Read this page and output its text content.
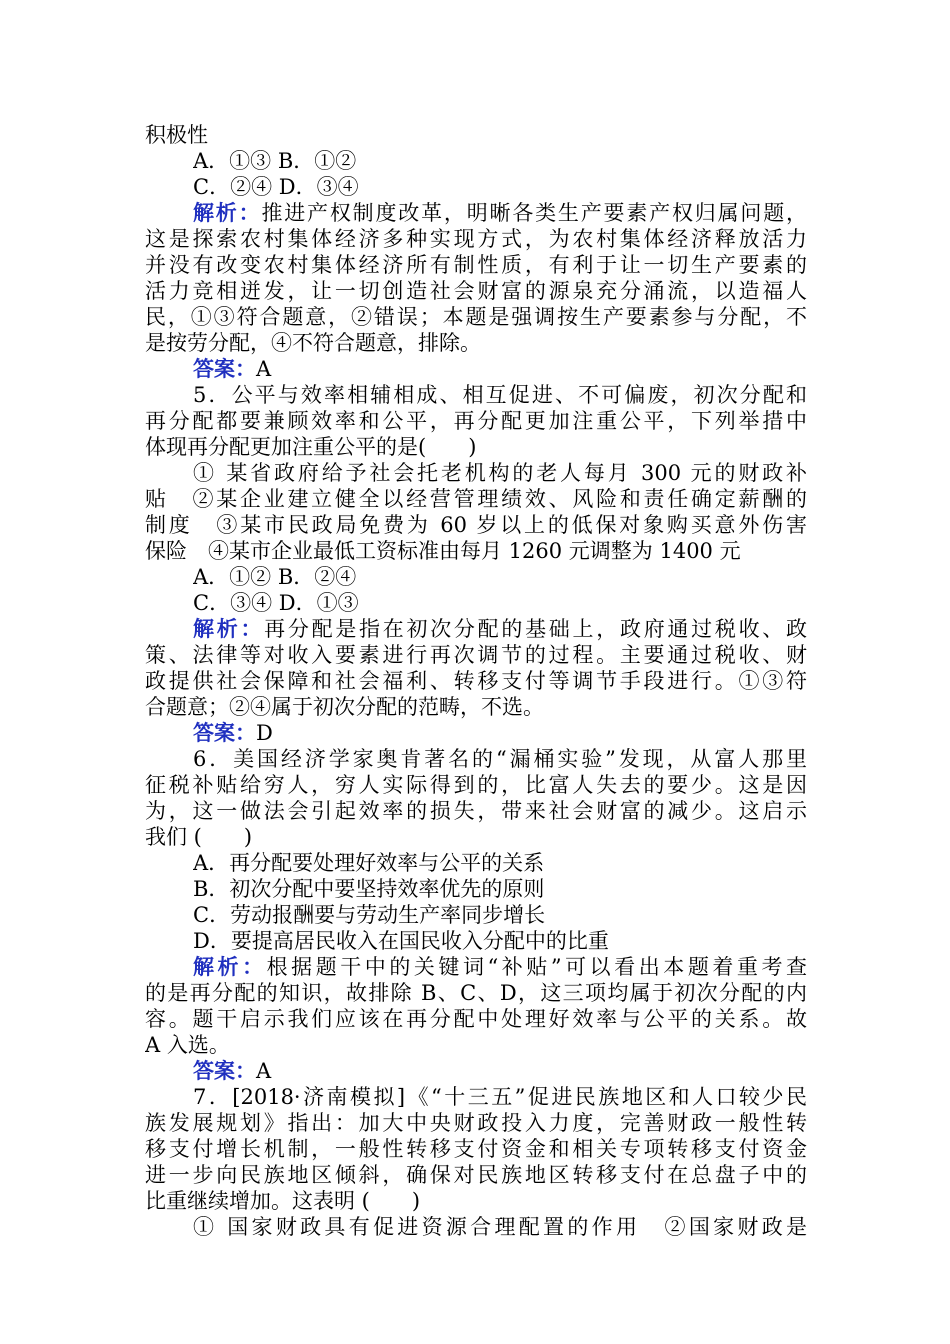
积极性
A．①③ B．①②
C．②④ D．③④
解析：推进产权制度改革，明晰各类生产要素产权归属问题，
这是探索农村集体经济多种实现方式，为农村集体经济释放活力
并没有改变农村集体经济所有制性质，有利于让一切生产要素的
活力竞相迸发，让一切创造社会财富的源泉充分涌流，以造福人
民，①③符合题意，②错误；本题是强调按生产要素参与分配，不
是按劳分配，④不符合题意，排除。
答案：A
5．公平与效率相辅相成、相互促进、不可偏废，初次分配和
再分配都要兼顾效率和公平，再分配更加注重公平，下列举措中
体现再分配更加注重公平的是(　　)
① 某省政府给予社会托老机构的老人每月 300 元的财政补
贴　②某企业建立健全以经营管理绩效、风险和责任确定薪酬的
制度　③某市民政局免费为 60 岁以上的低保对象购买意外伤害
保险　④某市企业最低工资标准由每月 1260 元调整为 1400 元
A．①② B．②④
C．③④ D．①③
解析：再分配是指在初次分配的基础上，政府通过税收、政
策、法律等对收入要素进行再次调节的过程。主要通过税收、财
政提供社会保障和社会福利、转移支付等调节手段进行。①③符
合题意；②④属于初次分配的范畴，不选。
答案：D
6．美国经济学家奥肯著名的“漏桶实验”发现，从富人那里
征税补贴给穷人，穷人实际得到的，比富人失去的要少。这是因
为，这一做法会引起效率的损失，带来社会财富的减少。这启示
我们 (　　)
A．再分配要处理好效率与公平的关系
B．初次分配中要坚持效率优先的原则
C．劳动报酬要与劳动生产率同步增长
D．要提高居民收入在国民收入分配中的比重
解析：根据题干中的关键词“补贴”可以看出本题着重考查
的是再分配的知识，故排除 B、C、D，这三项均属于初次分配的内
容。题干启示我们应该在再分配中处理好效率与公平的关系。故
A 入选。
答案：A
7．[2018·济南模拟]《“十三五”促进民族地区和人口较少民
族发展规划》指出：加大中央财政投入力度，完善财政一般性转
移支付增长机制，一般性转移支付资金和相关专项转移支付资金
进一步向民族地区倾斜，确保对民族地区转移支付在总盘子中的
比重继续增加。这表明 (　　)
① 国家财政具有促进资源合理配置的作用　②国家财政是
